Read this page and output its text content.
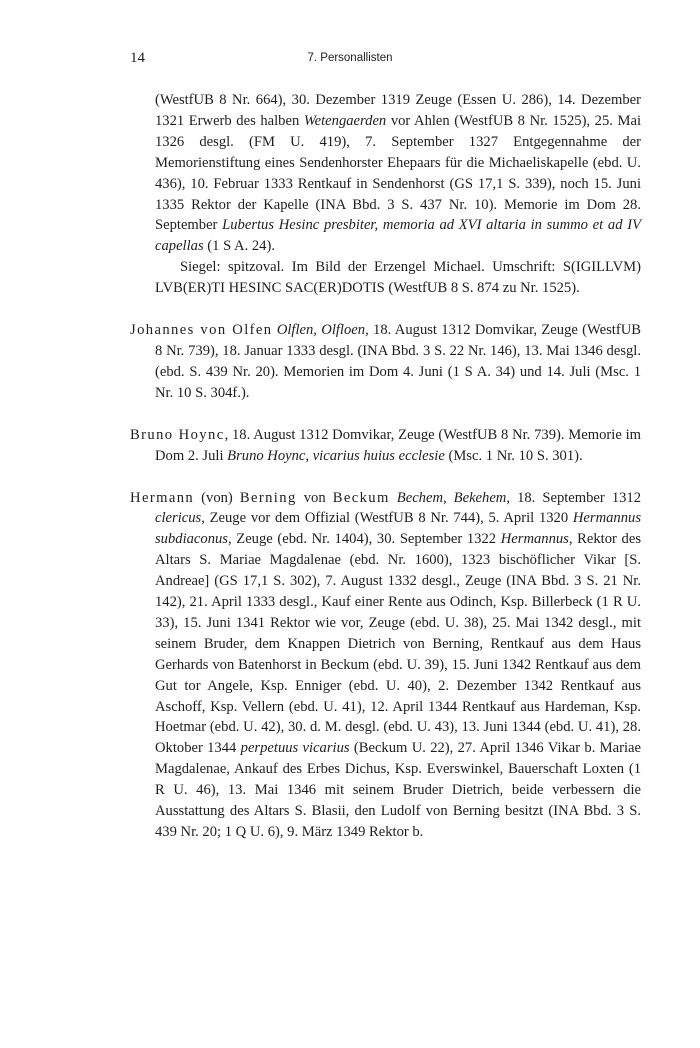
14	7. Personallisten

(WestfUB 8 Nr. 664), 30. Dezember 1319 Zeuge (Essen U. 286), 14. Dezember 1321 Erwerb des halben Wetengaerden vor Ahlen (WestfUB 8 Nr. 1525), 25. Mai 1326 desgl. (FM U. 419), 7. September 1327 Entgegennahme der Memorienstiftung eines Sendenhorster Ehepaars für die Michaeliskapelle (ebd. U. 436), 10. Februar 1333 Rentkauf in Sendenhorst (GS 17,1 S. 339), noch 15. Juni 1335 Rektor der Kapelle (INA Bbd. 3 S. 437 Nr. 10). Memorie im Dom 28. September Lubertus Hesinc presbiter, memoria ad XVI altaria in summo et ad IV capellas (1 S A. 24).

Siegel: spitzoval. Im Bild der Erzengel Michael. Umschrift: S(IGILLVM) LVB(ER)TI HESINC SAC(ER)DOTIS (WestfUB 8 S. 874 zu Nr. 1525).

Johannes von Olfen Olflen, Olfloen, 18. August 1312 Domvikar, Zeuge (WestfUB 8 Nr. 739), 18. Januar 1333 desgl. (INA Bbd. 3 S. 22 Nr. 146), 13. Mai 1346 desgl. (ebd. S. 439 Nr. 20). Memorien im Dom 4. Juni (1 S A. 34) und 14. Juli (Msc. 1 Nr. 10 S. 304f.).

Bruno Hoync, 18. August 1312 Domvikar, Zeuge (WestfUB 8 Nr. 739). Memorie im Dom 2. Juli Bruno Hoync, vicarius huius ecclesie (Msc. 1 Nr. 10 S. 301).

Hermann (von) Berning von Beckum Bechem, Bekehem, 18. September 1312 clericus, Zeuge vor dem Offizial (WestfUB 8 Nr. 744), 5. April 1320 Hermannus subdiaconus, Zeuge (ebd. Nr. 1404), 30. September 1322 Hermannus, Rektor des Altars S. Mariae Magdalenae (ebd. Nr. 1600), 1323 bischöflicher Vikar [S. Andreae] (GS 17,1 S. 302), 7. August 1332 desgl., Zeuge (INA Bbd. 3 S. 21 Nr. 142), 21. April 1333 desgl., Kauf einer Rente aus Odinch, Ksp. Billerbeck (1 R U. 33), 15. Juni 1341 Rektor wie vor, Zeuge (ebd. U. 38), 25. Mai 1342 desgl., mit seinem Bruder, dem Knappen Dietrich von Berning, Rentkauf aus dem Haus Gerhards von Batenhorst in Beckum (ebd. U. 39), 15. Juni 1342 Rentkauf aus dem Gut tor Angele, Ksp. Enniger (ebd. U. 40), 2. Dezember 1342 Rentkauf aus Aschoff, Ksp. Vellern (ebd. U. 41), 12. April 1344 Rentkauf aus Hardeman, Ksp. Hoetmar (ebd. U. 42), 30. d. M. desgl. (ebd. U. 43), 13. Juni 1344 (ebd. U. 41), 28. Oktober 1344 perpetuus vicarius (Beckum U. 22), 27. April 1346 Vikar b. Mariae Magdalenae, Ankauf des Erbes Dichus, Ksp. Everswinkel, Bauerschaft Loxten (1 R U. 46), 13. Mai 1346 mit seinem Bruder Dietrich, beide verbessern die Ausstattung des Altars S. Blasii, den Ludolf von Berning besitzt (INA Bbd. 3 S. 439 Nr. 20; 1 Q U. 6), 9. März 1349 Rektor b.
